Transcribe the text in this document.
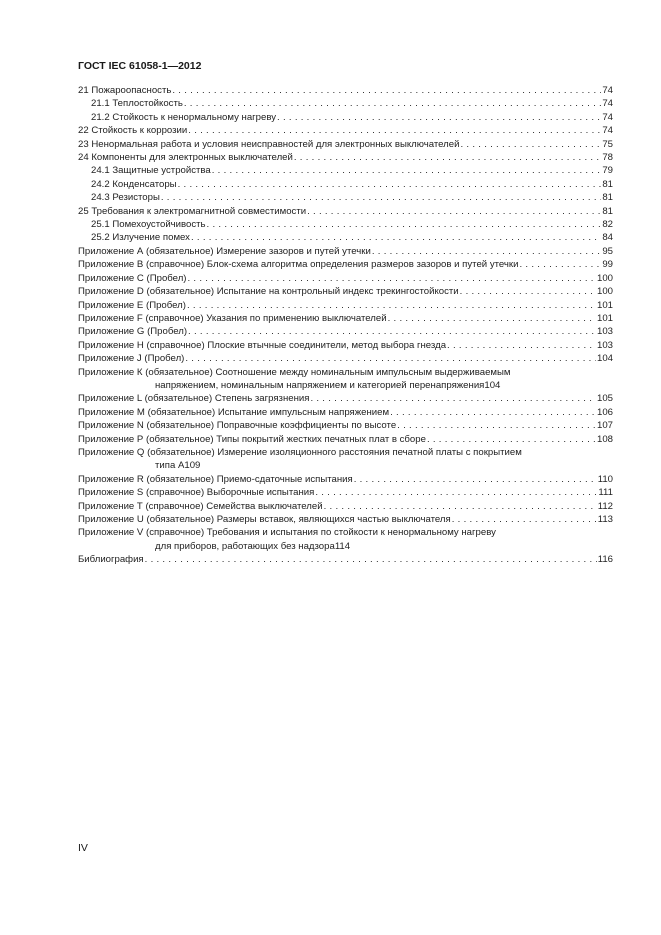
ГОСТ IEC 61058-1—2012
21 Пожароопасность . . .	74
21.1 Теплостойкость . . .	74
21.2 Стойкость к ненормальному нагреву . . .	74
22 Стойкость к коррозии . . .	74
23 Ненормальная работа и условия неисправностей для электронных выключателей . . .	75
24 Компоненты для электронных выключателей . . .	78
24.1 Защитные устройства . . .	79
24.2 Конденсаторы . . .	81
24.3 Резисторы . . .	81
25 Требования к электромагнитной совместимости . . .	81
25.1 Помехоустойчивость . . .	82
25.2 Излучение помех . . .	84
Приложение А (обязательное) Измерение зазоров и путей утечки . . .	95
Приложение В (справочное) Блок-схема алгоритма определения размеров зазоров и путей утечки . . .	99
Приложение С (Пробел) . . .	100
Приложение D (обязательное) Испытание на контрольный индекс трекингостойкости . . .	100
Приложение Е (Пробел) . . .	101
Приложение F (справочное) Указания по применению выключателей . . .	101
Приложение G (Пробел) . . .	103
Приложение Н (справочное) Плоские втычные соединители, метод выбора гнезда . . .	103
Приложение J (Пробел) . . .	104
Приложение К (обязательное) Соотношение между номинальным импульсным выдерживаемым
напряжением, номинальным напряжением и категорией перенапряжения 104
Приложение L (обязательное) Степень загрязнения . . .	105
Приложение М (обязательное) Испытание импульсным напряжением . . .	106
Приложение N (обязательное) Поправочные коэффициенты по высоте . . .	107
Приложение Р (обязательное) Типы покрытий жестких печатных плат в сборе . . .	108
Приложение Q (обязательное) Измерение изоляционного расстояния печатной платы с покрытием
типа А 109
Приложение R (обязательное) Приемо-сдаточные испытания . . .	110
Приложение S (справочное) Выборочные испытания . . .	111
Приложение Т (справочное) Семейства выключателей . . .	112
Приложение U (обязательное) Размеры вставок, являющихся частью выключателя . . .	113
Приложение V (справочное) Требования и испытания по стойкости к ненормальному нагреву
для приборов, работающих без надзора 114
Библиография . . .	116
IV
